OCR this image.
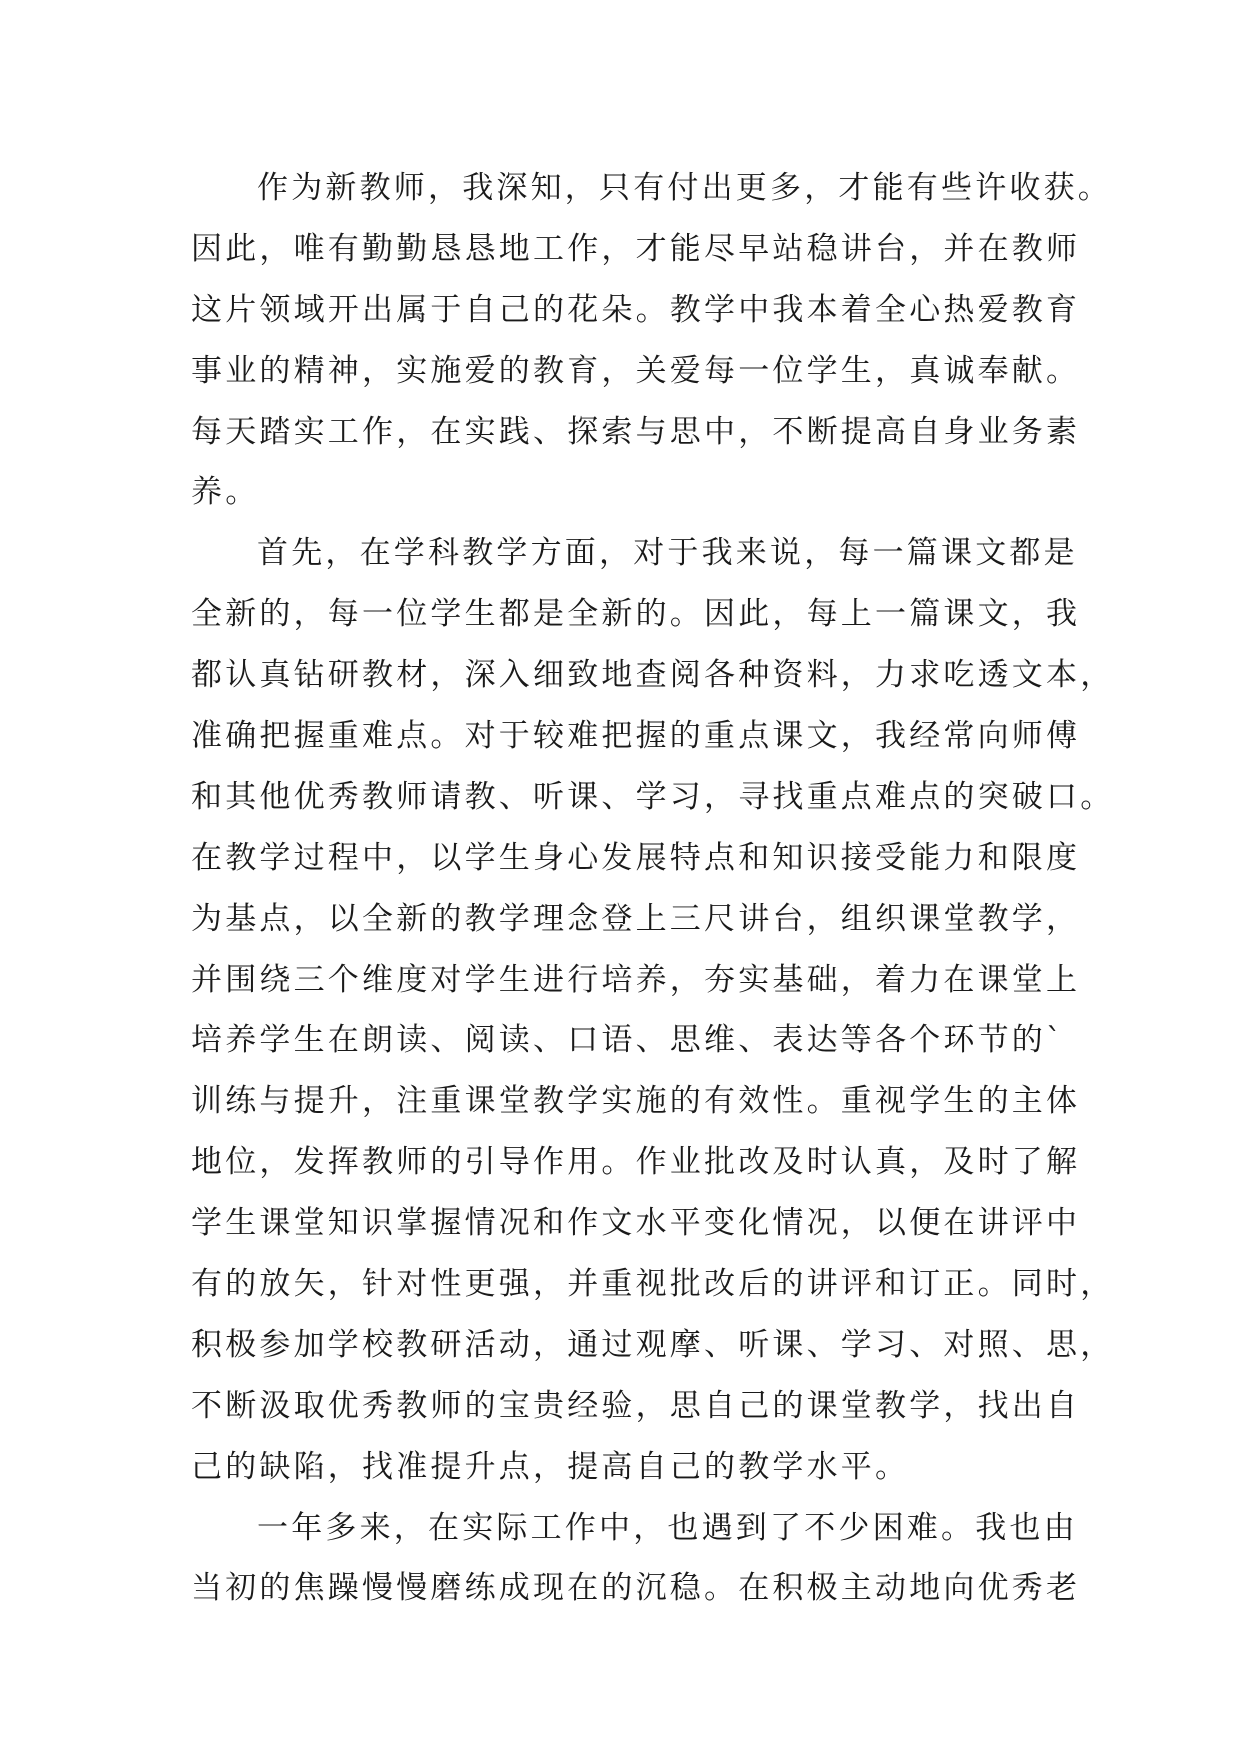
作为新教师，我深知，只有付出更多，才能有些许收获。
因此，唯有勤勤恳恳地工作，才能尽早站稳讲台，并在教师
这片领域开出属于自己的花朵。教学中我本着全心热爱教育
事业的精神，实施爱的教育，关爱每一位学生，真诚奉献。
每天踏实工作，在实践、探索与思中，不断提高自身业务素
养。
首先，在学科教学方面，对于我来说，每一篇课文都是
全新的，每一位学生都是全新的。因此，每上一篇课文，我
都认真钻研教材，深入细致地查阅各种资料，力求吃透文本，
准确把握重难点。对于较难把握的重点课文，我经常向师傅
和其他优秀教师请教、听课、学习，寻找重点难点的突破口。
在教学过程中，以学生身心发展特点和知识接受能力和限度
为基点，以全新的教学理念登上三尺讲台，组织课堂教学，
并围绕三个维度对学生进行培养，夯实基础，着力在课堂上
培养学生在朗读、阅读、口语、思维、表达等各个环节的`
训练与提升，注重课堂教学实施的有效性。重视学生的主体
地位，发挥教师的引导作用。作业批改及时认真，及时了解
学生课堂知识掌握情况和作文水平变化情况，以便在讲评中
有的放矢，针对性更强，并重视批改后的讲评和订正。同时，
积极参加学校教研活动，通过观摩、听课、学习、对照、思，
不断汲取优秀教师的宝贵经验，思自己的课堂教学，找出自
己的缺陷，找准提升点，提高自己的教学水平。
一年多来，在实际工作中，也遇到了不少困难。我也由
当初的焦躁慢慢磨练成现在的沉稳。在积极主动地向优秀老
